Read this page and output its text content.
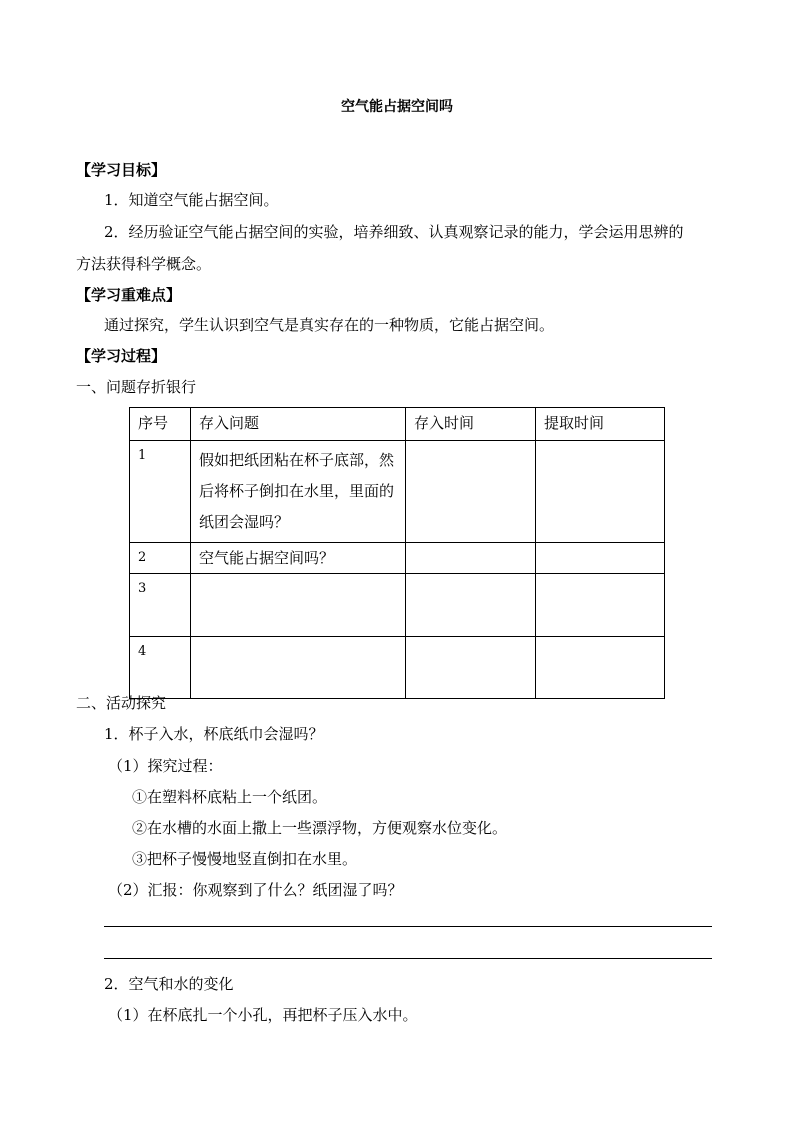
空气能占据空间吗
【学习目标】
1．知道空气能占据空间。
2．经历验证空气能占据空间的实验，培养细致、认真观察记录的能力，学会运用思辨的
方法获得科学概念。
【学习重难点】
通过探究，学生认识到空气是真实存在的一种物质，它能占据空间。
【学习过程】
一、问题存折银行
序号	存入问题	存入时间	提取时间
1	假如把纸团粘在杯子底部，然后将杯子倒扣在水里，里面的纸团会湿吗？		
2	空气能占据空间吗？		
3			
4			
二、活动探究
1．杯子入水，杯底纸巾会湿吗？
（1）探究过程：
①在塑料杯底粘上一个纸团。
②在水槽的水面上撒上一些漂浮物，方便观察水位变化。
③把杯子慢慢地竖直倒扣在水里。
（2）汇报：你观察到了什么？纸团湿了吗？
2．空气和水的变化
（1）在杯底扎一个小孔，再把杯子压入水中。
